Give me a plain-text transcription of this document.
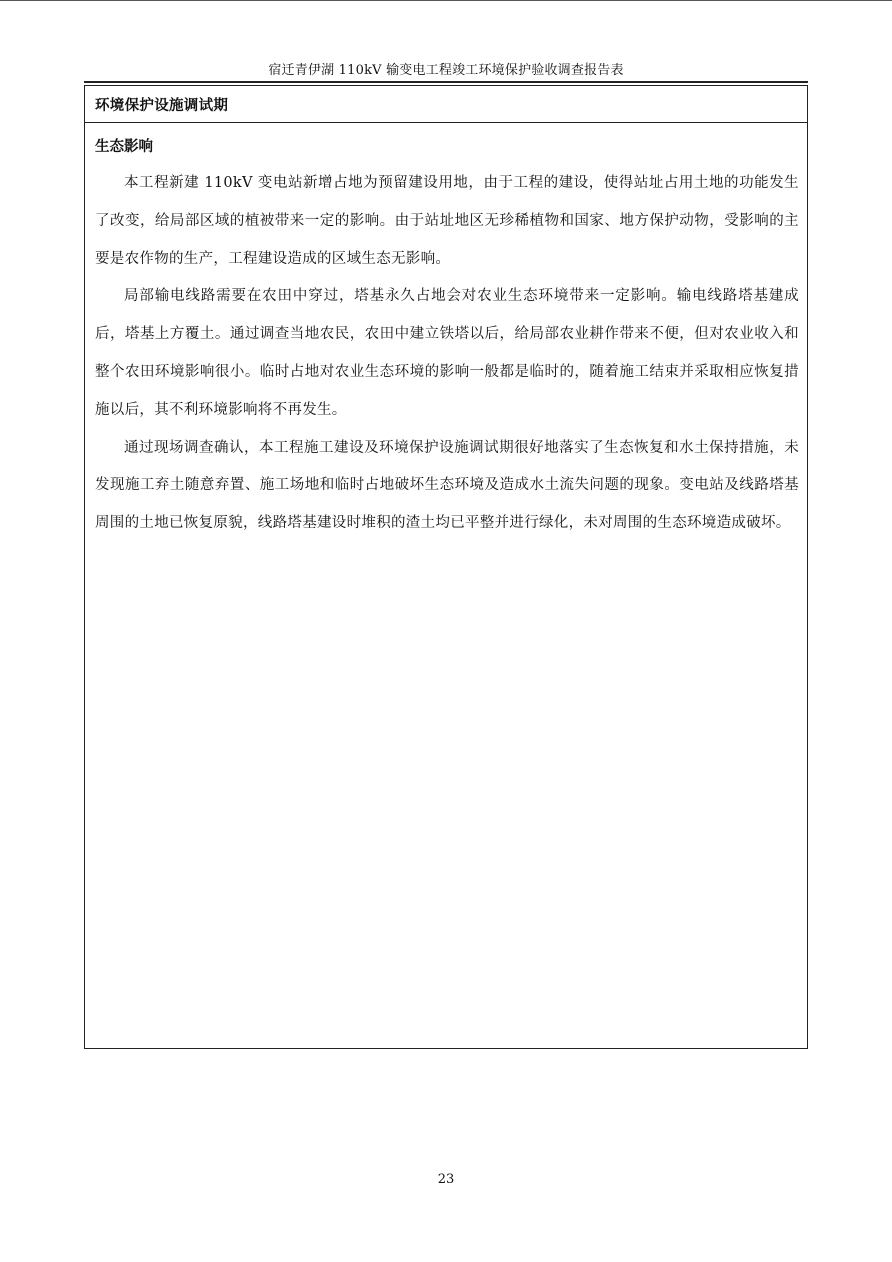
宿迁青伊湖 110kV 输变电工程竣工环境保护验收调查报告表
环境保护设施调试期
生态影响

本工程新建 110kV 变电站新增占地为预留建设用地，由于工程的建设，使得站址占用土地的功能发生了改变，给局部区域的植被带来一定的影响。由于站址地区无珍稀植物和国家、地方保护动物，受影响的主要是农作物的生产，工程建设造成的区域生态无影响。

局部输电线路需要在农田中穿过，塔基永久占地会对农业生态环境带来一定影响。输电线路塔基建成后，塔基上方覆土。通过调查当地农民，农田中建立铁塔以后，给局部农业耕作带来不便，但对农业收入和整个农田环境影响很小。临时占地对农业生态环境的影响一般都是临时的，随着施工结束并采取相应恢复措施以后，其不利环境影响将不再发生。

通过现场调查确认，本工程施工建设及环境保护设施调试期很好地落实了生态恢复和水土保持措施，未发现施工弃土随意弃置、施工场地和临时占地破坏生态环境及造成水土流失问题的现象。变电站及线路塔基周围的土地已恢复原貌，线路塔基建设时堆积的渣土均已平整并进行绿化，未对周围的生态环境造成破坏。

23
